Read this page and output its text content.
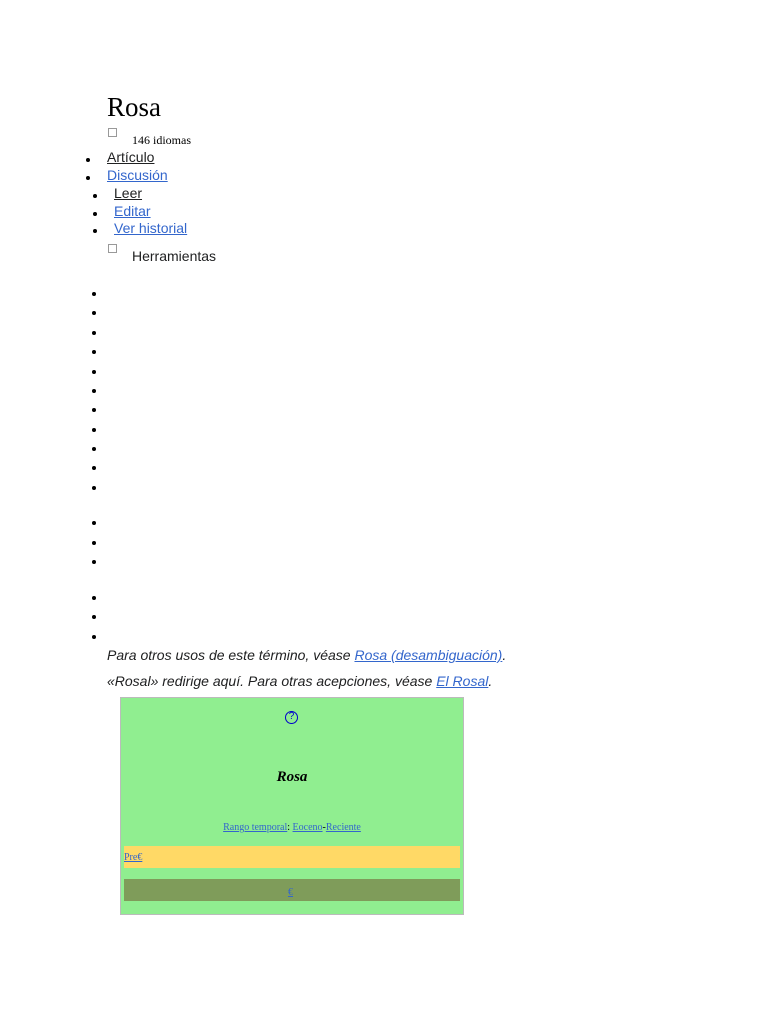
Rosa
146 idiomas
Artículo
Discusión
Leer
Editar
Ver historial
Herramientas
Para otros usos de este término, véase Rosa (desambiguación).
«Rosal» redirige aquí. Para otras acepciones, véase El Rosal.
?
Rosa
Rango temporal: Eoceno-Reciente
Pre€
€
